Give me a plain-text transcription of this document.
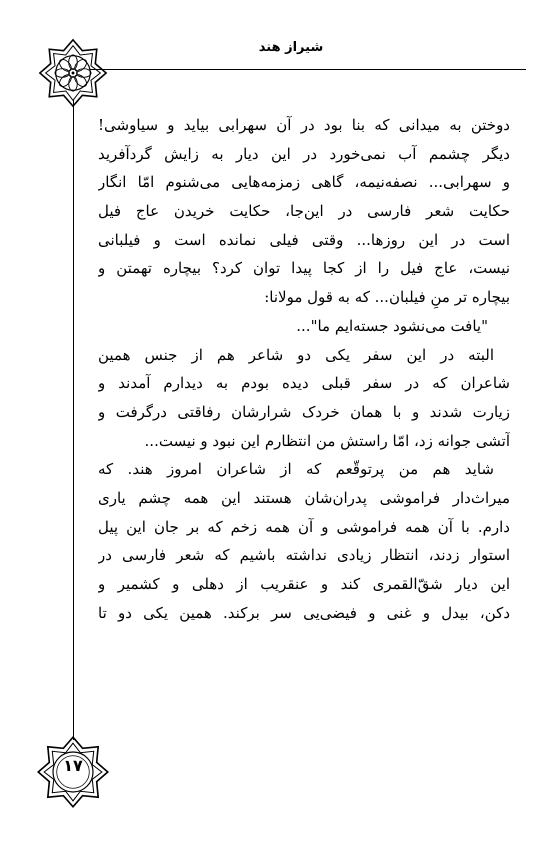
شیراز هند
دوختن به میدانی که بنا بود در آن سهرابی بیاید و سیاوشی!
دیگر چشمم آب نمی‌خورد در این دیار به زایش گردآفرید
و سهرابی... نصفه‌نیمه، گاهی زمزمه‌هایی می‌شنوم امّا انگار
حکایت شعر فارسی در این‌جا، حکایت خریدن عاج فیل
است در این روزها... وقتی فیلی نمانده است و فیلبانی
نیست، عاج فیل را از کجا پیدا توان کرد؟ بیچاره تهمتن و
بیچاره تر منِ فیلبان... که به قول مولانا:
"یافت می‌نشود جسته‌ایم ما"...
البته در این سفر یکی دو شاعر هم از جنس همین
شاعران که در سفر قبلی دیده بودم به دیدارم آمدند و
زیارت شدند و با همان خردک شرارشان رفاقتی درگرفت و
آتشی جوانه زد، امّا راستش من انتظارم این نبود و نیست...
شاید هم من پرتوقّعم که از شاعران امروز هند. که
میراث‌دار فراموشی پدران‌شان هستند این همه چشم یاری
دارم. با آن همه فراموشی و آن همه زخم که بر جان این پیل
استوار زدند، انتظار زیادی نداشته باشیم که شعر فارسی در
این دیار شقّ‌القمری کند و عنقریب از دهلی و کشمیر و
دکن، بیدل و غنی و فیضی‌یی سر برکند. همین یکی دو تا
۱۷
